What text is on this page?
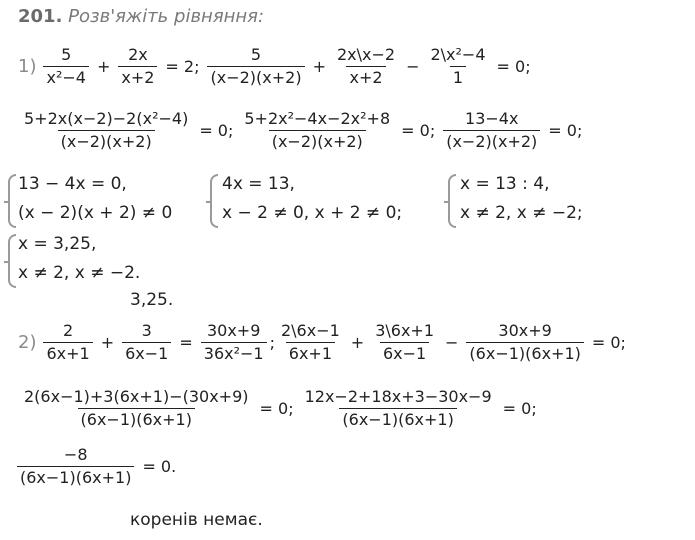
201. Розв'яжіть рівняння:
$1) \frac{5}{\text{x²−4}} + \frac{2x}{x+2} = 2$; $\frac{5}{(x-2)(x+2)} + \frac{2x\backslash x-2}{x+2} - \frac{\text{2\textbackslash{}x²−4}}{1} = 0$;
$\frac{\text{5+2x(x−2)−2(x²−4)}}{(x-2)(x+2)} = 0$; $\frac{\text{5+2x²−4x−2x²+8}}{(x-2)(x+2)} = 0$; $\frac{13-4x}{(x-2)(x+2)} = 0$;
13 − 4x = 0,
(x − 2)(x + 2) ≠ 0
4x = 13,
x − 2 ≠ 0, x + 2 ≠ 0;
x = 13 : 4,
x ≠ 2, x ≠ −2;
x = 3,25,
x ≠ 2, x ≠ −2.
3,25.
$2) \frac{2}{6x+1} + \frac{3}{6x-1} = \frac{30x+9}{\text{36x²−1}}$ ; $\frac{2\backslash 6x-1}{6x+1} + \frac{3\backslash 6x+1}{6x-1} - \frac{30x+9}{(6x-1)(6x+1)} = 0$;
$\frac{2(6x-1)+3(6x+1)-(30x+9)}{(6x-1)(6x+1)} = 0$; $\frac{12x-2+18x+3-30x-9}{(6x-1)(6x+1)} = 0$;
$\frac{-8}{(6x-1)(6x+1)} = 0$.
коренів немає.
